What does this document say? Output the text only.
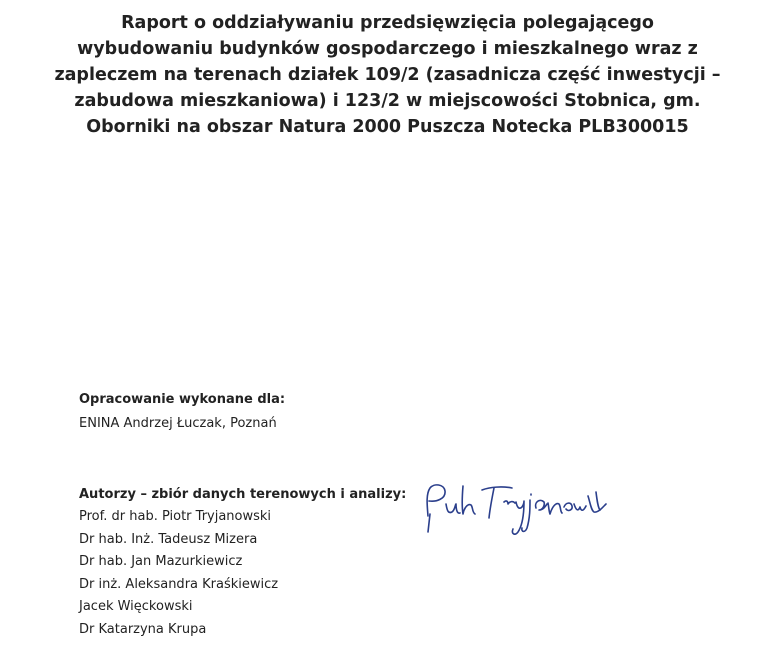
Raport o oddziaływaniu przedsięwzięcia polegającego
wybudowaniu budynków gospodarczego i mieszkalnego wraz z
zapleczem na terenach działek 109/2 (zasadnicza część inwestycji –
zabudowa mieszkaniowa) i 123/2 w miejscowości Stobnica, gm.
Oborniki na obszar Natura 2000 Puszcza Notecka PLB300015
Opracowanie wykonane dla:
ENINA Andrzej Łuczak, Poznań
Autorzy – zbiór danych terenowych i analizy:
Prof. dr hab. Piotr Tryjanowski
Dr hab. Inż. Tadeusz Mizera
Dr hab. Jan Mazurkiewicz
Dr inż. Aleksandra Kraśkiewicz
Jacek Więckowski
Dr Katarzyna Krupa
